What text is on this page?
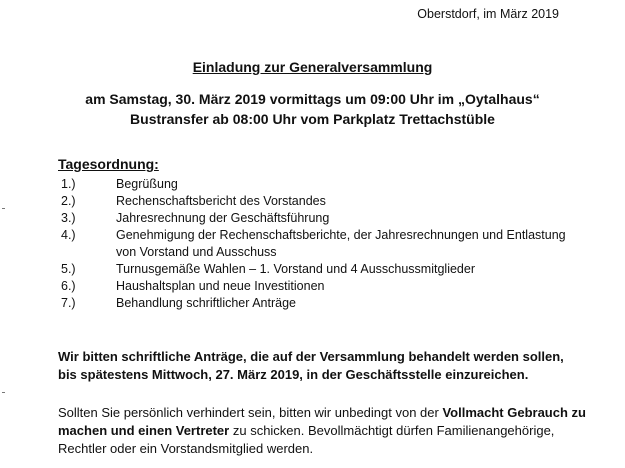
Oberstdorf, im März 2019
Einladung zur Generalversammlung
am Samstag, 30. März 2019 vormittags um 09:00 Uhr im „Oytalhaus“
Bustransfer ab 08:00 Uhr vom Parkplatz Trettachstüble
Tagesordnung:
1.)	Begrüßung
2.)	Rechenschaftsbericht des Vorstandes
3.)	Jahresrechnung der Geschäftsführung
4.)	Genehmigung der Rechenschaftsberichte, der Jahresrechnungen und Entlastung
von Vorstand und Ausschuss
5.)	Turnusgemäße Wahlen – 1. Vorstand und 4 Ausschussmitglieder
6.)	Haushaltsplan und neue Investitionen
7.)	Behandlung schriftlicher Anträge
Wir bitten schriftliche Anträge, die auf der Versammlung behandelt werden sollen, bis spätestens Mittwoch, 27. März 2019, in der Geschäftsstelle einzureichen.
Sollten Sie persönlich verhindert sein, bitten wir unbedingt von der Vollmacht Gebrauch zu machen und einen Vertreter zu schicken. Bevollmächtigt dürfen Familienangehörige, Rechtler oder ein Vorstandsmitglied werden.
